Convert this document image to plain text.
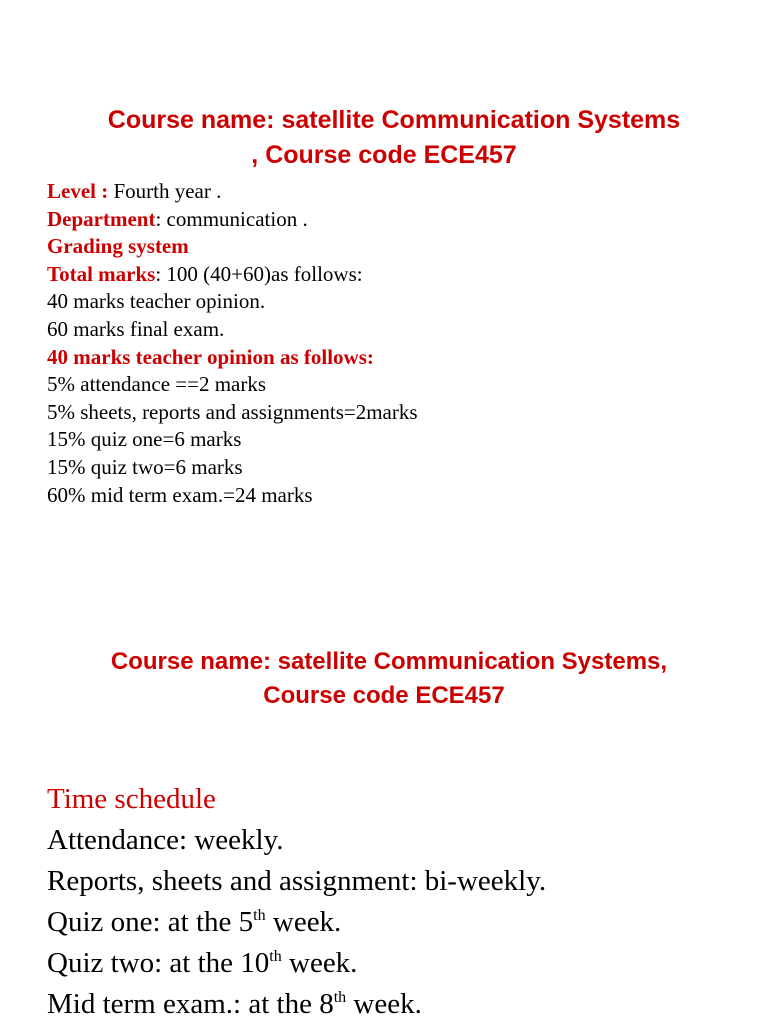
Course name: satellite Communication Systems
, Course code ECE457
Level : Fourth year .
Department: communication .
Grading system
Total marks: 100 (40+60)as follows:
40 marks teacher opinion.
60 marks final exam.
40 marks teacher opinion as follows:
5% attendance ==2 marks
5% sheets, reports and assignments=2marks
15% quiz one=6 marks
15% quiz two=6 marks
60% mid term exam.=24 marks
Course name: satellite Communication Systems,
Course code ECE457
Time schedule
Attendance: weekly.
Reports, sheets and assignment: bi-weekly.
Quiz one: at the 5th week.
Quiz two: at the 10th week.
Mid term exam.: at the 8th week.
